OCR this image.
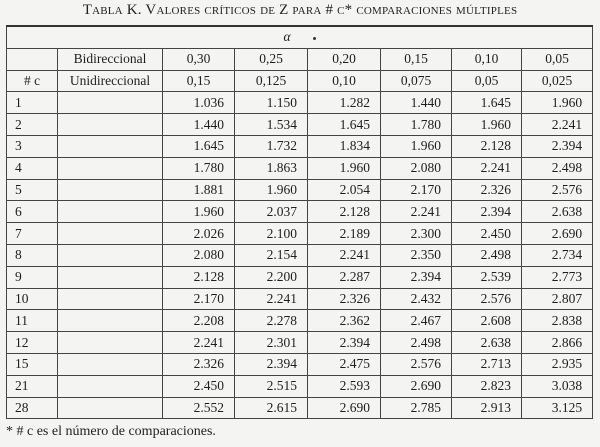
Tabla K. Valores críticos de Z para # c* comparaciones múltiples
α							
	Bidireccional	0,30	0,25	0,20	0,15	0,10	0,05
# c	Unidireccional	0,15	0,125	0,10	0,075	0,05	0,025
1		1.036	1.150	1.282	1.440	1.645	1.960
2		1.440	1.534	1.645	1.780	1.960	2.241
3		1.645	1.732	1.834	1.960	2.128	2.394
4		1.780	1.863	1.960	2.080	2.241	2.498
5		1.881	1.960	2.054	2.170	2.326	2.576
6		1.960	2.037	2.128	2.241	2.394	2.638
7		2.026	2.100	2.189	2.300	2.450	2.690
8		2.080	2.154	2.241	2.350	2.498	2.734
9		2.128	2.200	2.287	2.394	2.539	2.773
10		2.170	2.241	2.326	2.432	2.576	2.807
11		2.208	2.278	2.362	2.467	2.608	2.838
12		2.241	2.301	2.394	2.498	2.638	2.866
15		2.326	2.394	2.475	2.576	2.713	2.935
21		2.450	2.515	2.593	2.690	2.823	3.038
28		2.552	2.615	2.690	2.785	2.913	3.125
* # c es el número de comparaciones.
